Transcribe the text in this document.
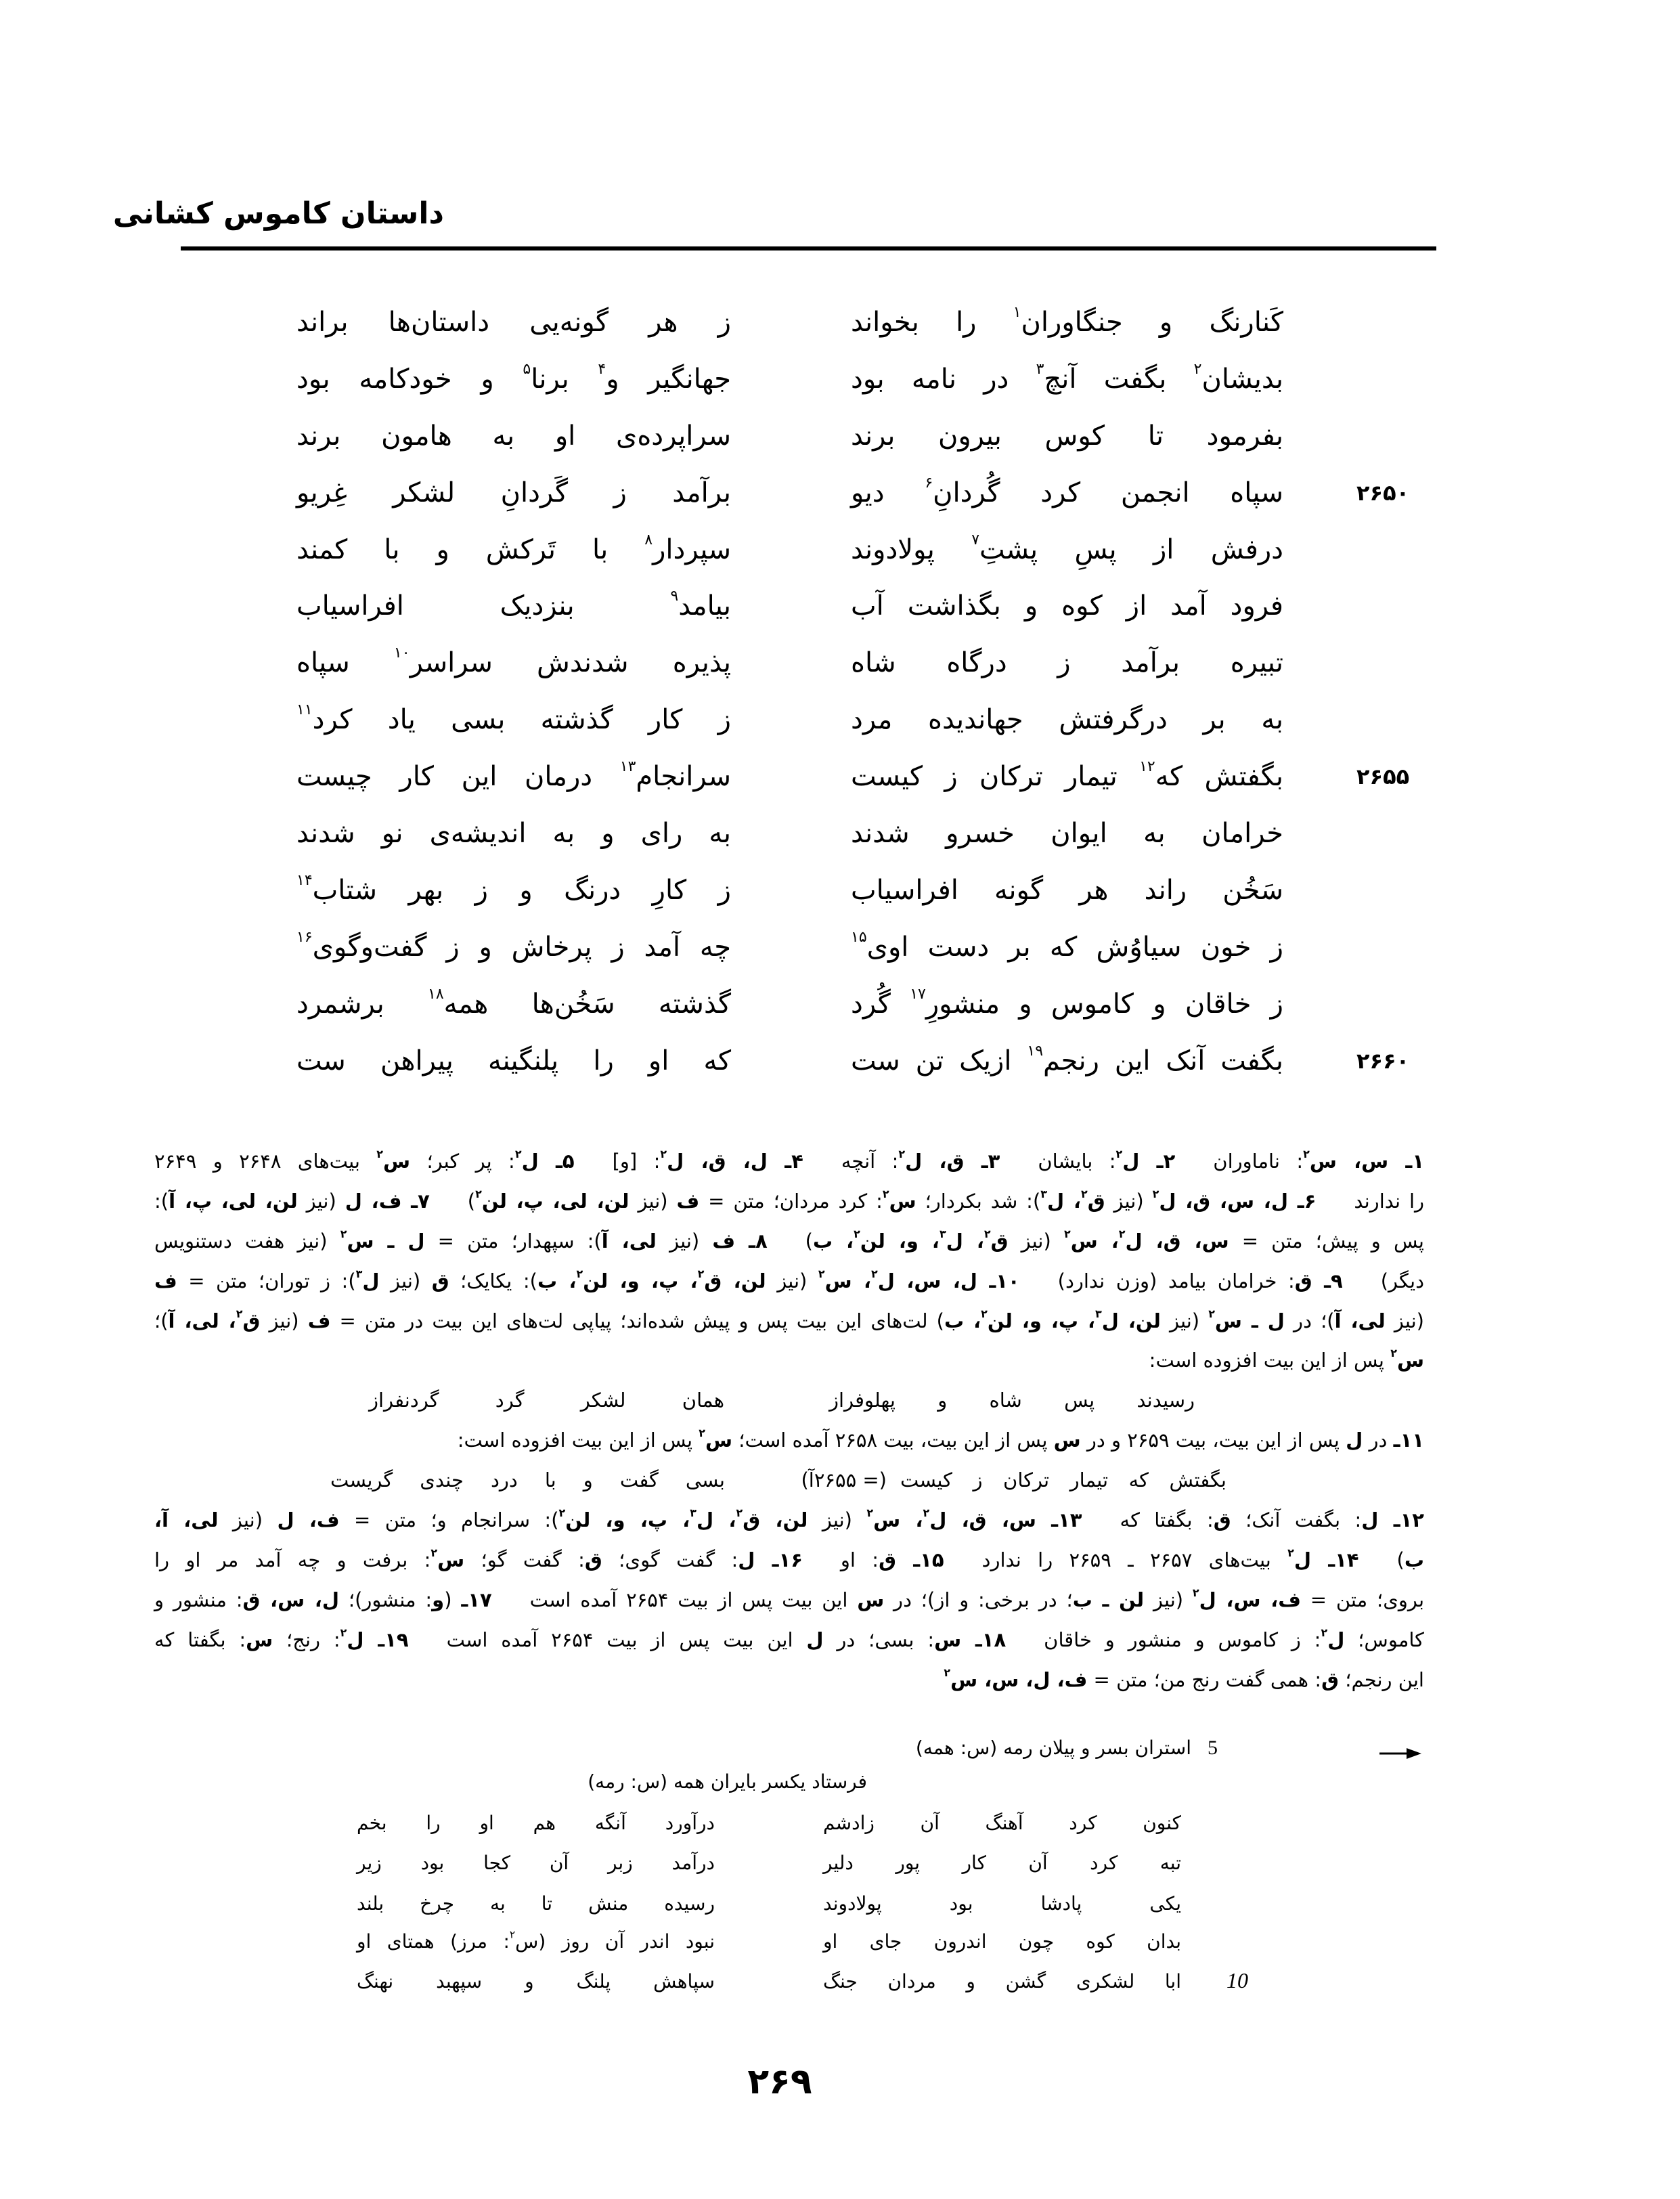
داستان کاموس کشانی
کَنارنگ و جنگاوران$^۱$ را بخواند
ز هر گونه‌یی داستان‌ها براند
بدیشان$^۲$ بگفت آنچ$^۳$ در نامه بود
جهانگیر و$^۴$ برنا$^۵$ و خودکامه بود
بفرمود تا کوس بیرون برند
سراپرده‌ی او به هامون برند
۲۶۵۰
سپاه انجمن کرد گُردانِ$^۶$ دیو
برآمد ز گَردانِ لشکر غِریو
درفش از پسِ پشتِ$^۷$ پولادوند
سپردار$^۸$ با تَرکش و با کمند
فرود آمد از کوه و بگذاشت آب
بیامد$^۹$ بنزدیک افراسیاب
تبیره برآمد ز درگاه شاه
پذیره شدندش سراسر$^{۱۰}$ سپاه
به بر درگرفتش جهاندیده مرد
ز کار گذشته بسی یاد کرد$^{۱۱}$
۲۶۵۵
بگفتش که$^{۱۲}$ تیمار ترکان ز کیست
سرانجام$^{۱۳}$ درمان این کار چیست
خرامان به ایوان خسرو شدند
به رای و به اندیشه‌ی نو شدند
سَخُن راند هر گونه افراسیاب
ز کارِ درنگ و ز بهر شتاب$^{۱۴}$
ز خون سیاوُش که بر دست اوی$^{۱۵}$
چه آمد ز پرخاش و ز گفت‌وگوی$^{۱۶}$
ز خاقان و کاموس و منشورِ$^{۱۷}$ گُرد
گذشته سَخُن‌ها همه$^{۱۸}$ برشمرد
۲۶۶۰
بگفت آنک این رنجم$^{۱۹}$ ازیک تن ست
که او را پلنگینه پیراهن ست
۱ـ س، س$^۲$: ناماوران۲ـ ل$^۲$: بایشان۳ـ ق، ل$^۲$: آنچه۴ـ ل، ق، ل$^۲$: [و]۵ـ ل$^۲$: پر کبر؛ س$^۲$ بیت‌های ۲۶۴۸ و ۲۶۴۹
را ندارند۶ـ ل، س، ق، ل$^۲$ (نیز ق$^۲$، ل$^۳$): شد بکردار؛ س$^۲$: کرد مردان؛ متن = ف (نیز لن، لی، پ، لن$^۲$)۷ـ ف، ل (نیز لن، لی، پ، آ):
پس و پیش؛ متن = س، ق، ل$^۲$، س$^۲$ (نیز ق$^۲$، ل$^۳$، و، لن$^۲$، ب)۸ـ ف (نیز لی، آ): سپهدار؛ متن = ل ـ س$^۲$ (نیز هفت دستنویس
دیگر)۹ـ ق: خرامان بیامد (وزن ندارد)۱۰ـ ل، س، ل$^۲$، س$^۲$ (نیز لن، ق$^۲$، پ، و، لن$^۲$، ب): یکایک؛ ق (نیز ل$^۳$): ز توران؛ متن = ف
(نیز لی، آ)؛ در ل ـ س$^۲$ (نیز لن، ل$^۳$، پ، و، لن$^۲$، ب) لت‌های این بیت پس و پیش شده‌اند؛ پیاپی لت‌های این بیت در متن = ف (نیز ق$^۲$، لی، آ)؛
س$^۲$ پس از این بیت افزوده است:
رسیدند پس شاه و پهلوفراز
همان لشکر گرد گردنفراز
۱۱ـ در ل پس از این بیت، بیت ۲۶۵۹ و در س پس از این بیت، بیت ۲۶۵۸ آمده است؛ س$^۲$ پس از این بیت افزوده است:
بگفتش که تیمار ترکان ز کیست
(= ۲۶۵۵آ)
بسی گفت و با درد چندی گریست
۱۲ـ ل: بگفت آنک؛ ق: بگفتا که۱۳ـ س، ق، ل$^۲$، س$^۲$ (نیز لن، ق$^۲$، ل$^۳$، پ، و، لن$^۲$): سرانجام و؛ متن = ف، ل (نیز لی، آ،
ب)۱۴ـ ل$^۲$ بیت‌های ۲۶۵۷ ـ ۲۶۵۹ را ندارد۱۵ـ ق: او۱۶ـ ل: گفت گوی؛ ق: گفت گو؛ س$^۲$: برفت و چه آمد مر او را
بروی؛ متن = ف، س، ل$^۲$ (نیز لن ـ ب؛ در برخی: و از)؛ در س این بیت پس از بیت ۲۶۵۴ آمده است۱۷ـ (و: منشور)؛ ل، س، ق: منشور و
کاموس؛ ل$^۲$: ز کاموس و منشور و خاقان۱۸ـ س: بسی؛ در ل این بیت پس از بیت ۲۶۵۴ آمده است۱۹ـ ل$^۲$: رنج؛ س: بگفتا که
این رنجم؛ ق: همی گفت رنج من؛ متن = ف، ل، س، س$^۲$
5
استران بسر و پیلان رمه (س: همه)
فرستاد یکسر بایران همه (س: رمه)
کنون کرد آهنگ آن زادشم
درآورد آنگه هم او را بخم
تبه کرد آن کار پور دلیر
درآمد زبر آن کجا بود زیر
یکی پادشا بود پولادوند
رسیده منش تا به چرخ بلند
بدان کوه چون اندرون جای او
نبود اندر آن روز (س$^۲$: مرز) همتای او
ابا لشکری گشن و مردان جنگ
سپاهش پلنگ و سپهبد نهنگ	10
۲۶۹
